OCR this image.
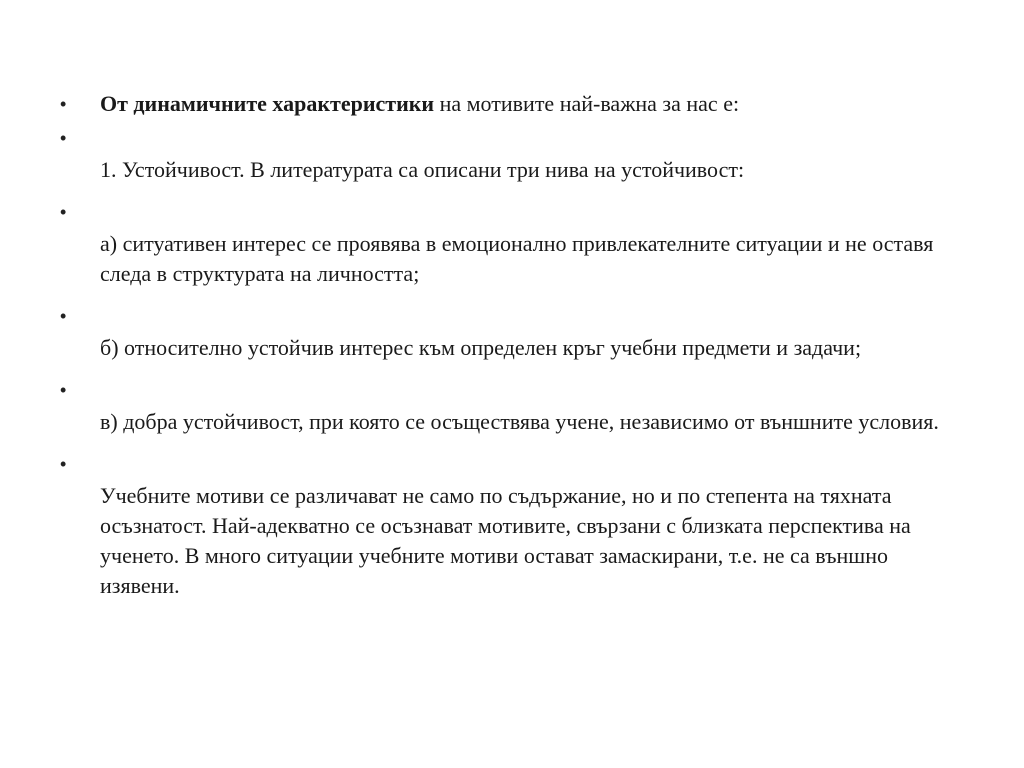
• От динамичните характеристики на мотивите най-важна за нас е:
•
1. Устойчивост. В литературата са описани три нива на устойчивост:
•
а) ситуативен интерес се проявява в емоционално привлекателните ситуации и не оставя следа в структурата на личността;
•
б) относително устойчив интерес към определен кръг учебни предмети и задачи;
•
в) добра устойчивост, при която се осъществява учене, независимо от външните условия.
•
Учебните мотиви се различават не само по съдържание, но и по степента на тяхната осъзнатост. Най-адекватно се осъзнават мотивите, свързани с близката перспектива на ученето. В много ситуации учебните мотиви остават замаскирани, т.е. не са външно изявени.
